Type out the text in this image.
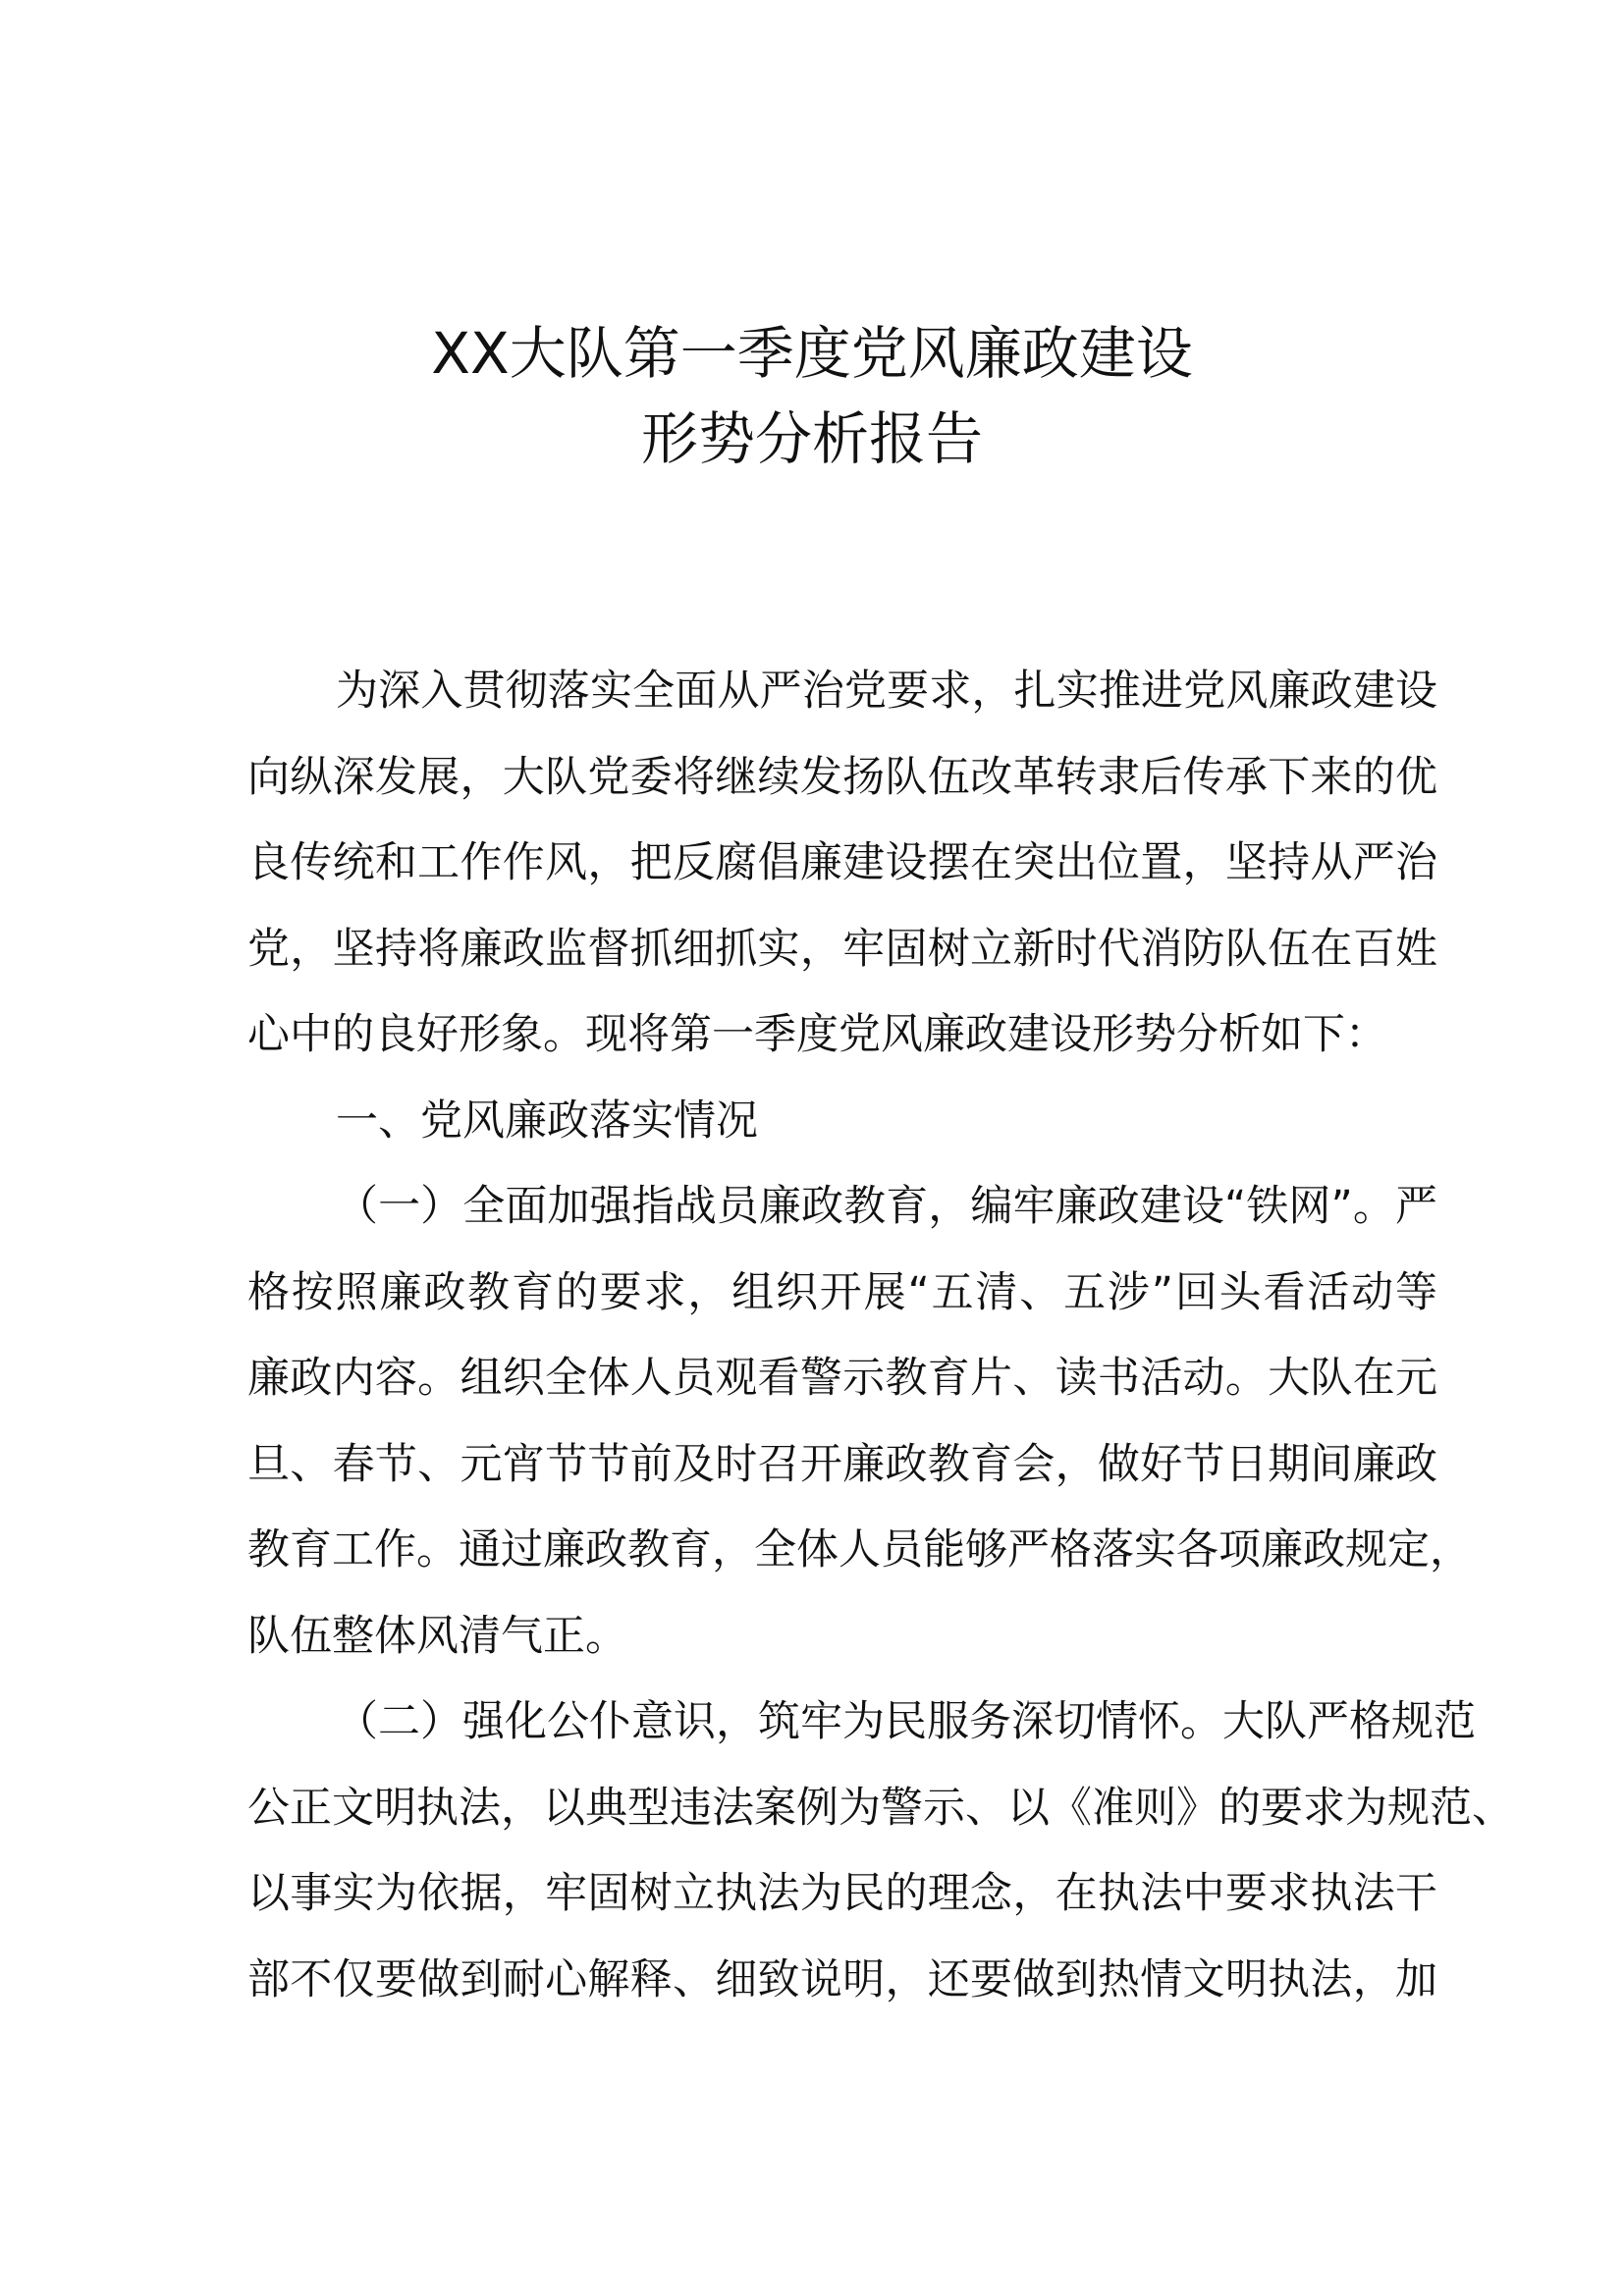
XX大队第一季度党风廉政建设
形势分析报告
为深入贯彻落实全面从严治党要求，扎实推进党风廉政建设
向纵深发展，大队党委将继续发扬队伍改革转隶后传承下来的优
良传统和工作作风，把反腐倡廉建设摆在突出位置，坚持从严治
党，坚持将廉政监督抓细抓实，牢固树立新时代消防队伍在百姓
心中的良好形象。现将第一季度党风廉政建设形势分析如下：
一、党风廉政落实情况
（一）全面加强指战员廉政教育，编牢廉政建设“铁网”。严
格按照廉政教育的要求，组织开展“五清、五涉”回头看活动等
廉政内容。组织全体人员观看警示教育片、读书活动。大队在元
旦、春节、元宵节节前及时召开廉政教育会，做好节日期间廉政
教育工作。通过廉政教育，全体人员能够严格落实各项廉政规定，
队伍整体风清气正。
（二）强化公仆意识，筑牢为民服务深切情怀。大队严格规范
公正文明执法，以典型违法案例为警示、以《准则》的要求为规范、
以事实为依据，牢固树立执法为民的理念，在执法中要求执法干
部不仅要做到耐心解释、细致说明，还要做到热情文明执法，加
